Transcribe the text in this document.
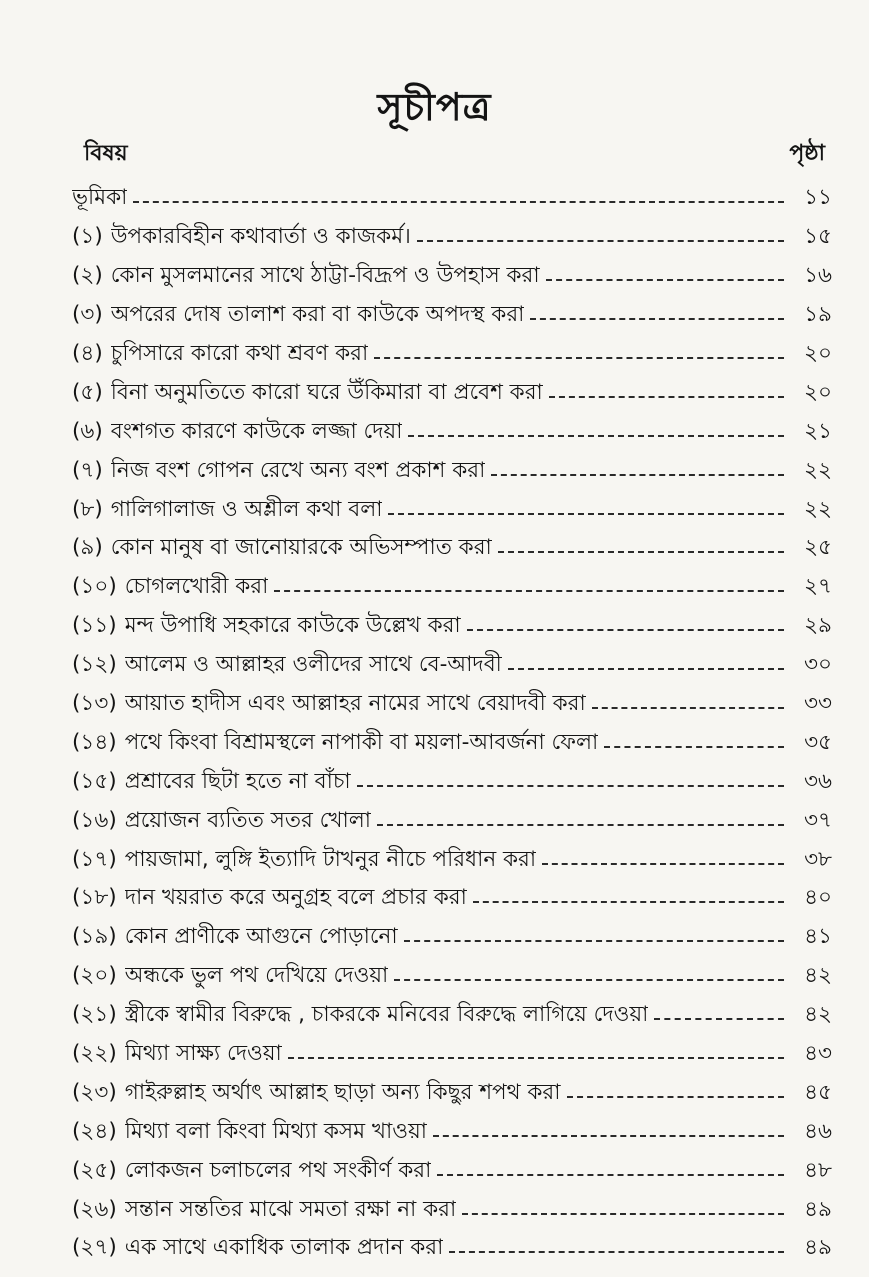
সূচীপত্র
বিষয়	পৃষ্ঠা
ভূমিকা	১১
(১) উপকারবিহীন কথাবার্তা ও কাজকর্ম।	১৫
(২) কোন মুসলমানের সাথে ঠাট্টা-বিদ্রূপ ও উপহাস করা	১৬
(৩) অপরের দোষ তালাশ করা বা কাউকে অপদস্থ করা	১৯
(৪) চুপিসারে কারো কথা শ্রবণ করা	২০
(৫) বিনা অনুমতিতে কারো ঘরে উঁকিমারা বা প্রবেশ করা	২০
(৬) বংশগত কারণে কাউকে লজ্জা দেয়া	২১
(৭) নিজ বংশ গোপন রেখে অন্য বংশ প্রকাশ করা	২২
(৮) গালিগালাজ ও অশ্লীল কথা বলা	২২
(৯) কোন মানুষ বা জানোয়ারকে অভিসম্পাত করা	২৫
(১০) চোগলখোরী করা	২৭
(১১) মন্দ উপাধি সহকারে কাউকে উল্লেখ করা	২৯
(১২) আলেম ও আল্লাহর ওলীদের সাথে বে-আদবী	৩০
(১৩) আয়াত হাদীস এবং আল্লাহর নামের সাথে বেয়াদবী করা	৩৩
(১৪) পথে কিংবা বিশ্রামস্থলে নাপাকী বা ময়লা-আবর্জনা ফেলা	৩৫
(১৫) প্রশ্রাবের ছিটা হতে না বাঁচা	৩৬
(১৬) প্রয়োজন ব্যতিত সতর খোলা	৩৭
(১৭) পায়জামা, লুঙ্গি ইত্যাদি টাখনুর নীচে পরিধান করা	৩৮
(১৮) দান খয়রাত করে অনুগ্রহ বলে প্রচার করা	৪০
(১৯) কোন প্রাণীকে আগুনে পোড়ানো	৪১
(২০) অন্ধকে ভুল পথ দেখিয়ে দেওয়া	৪২
(২১) স্ত্রীকে স্বামীর বিরুদ্ধে , চাকরকে মনিবের বিরুদ্ধে লাগিয়ে দেওয়া	৪২
(২২) মিথ্যা সাক্ষ্য দেওয়া	৪৩
(২৩) গাইরুল্লাহ অর্থাৎ আল্লাহ ছাড়া অন্য কিছুর শপথ করা	৪৫
(২৪) মিথ্যা বলা কিংবা মিথ্যা কসম খাওয়া	৪৬
(২৫) লোকজন চলাচলের পথ সংকীর্ণ করা	৪৮
(২৬) সন্তান সন্ততির মাঝে সমতা রক্ষা না করা	৪৯
(২৭) এক সাথে একাধিক তালাক প্রদান করা	৪৯
